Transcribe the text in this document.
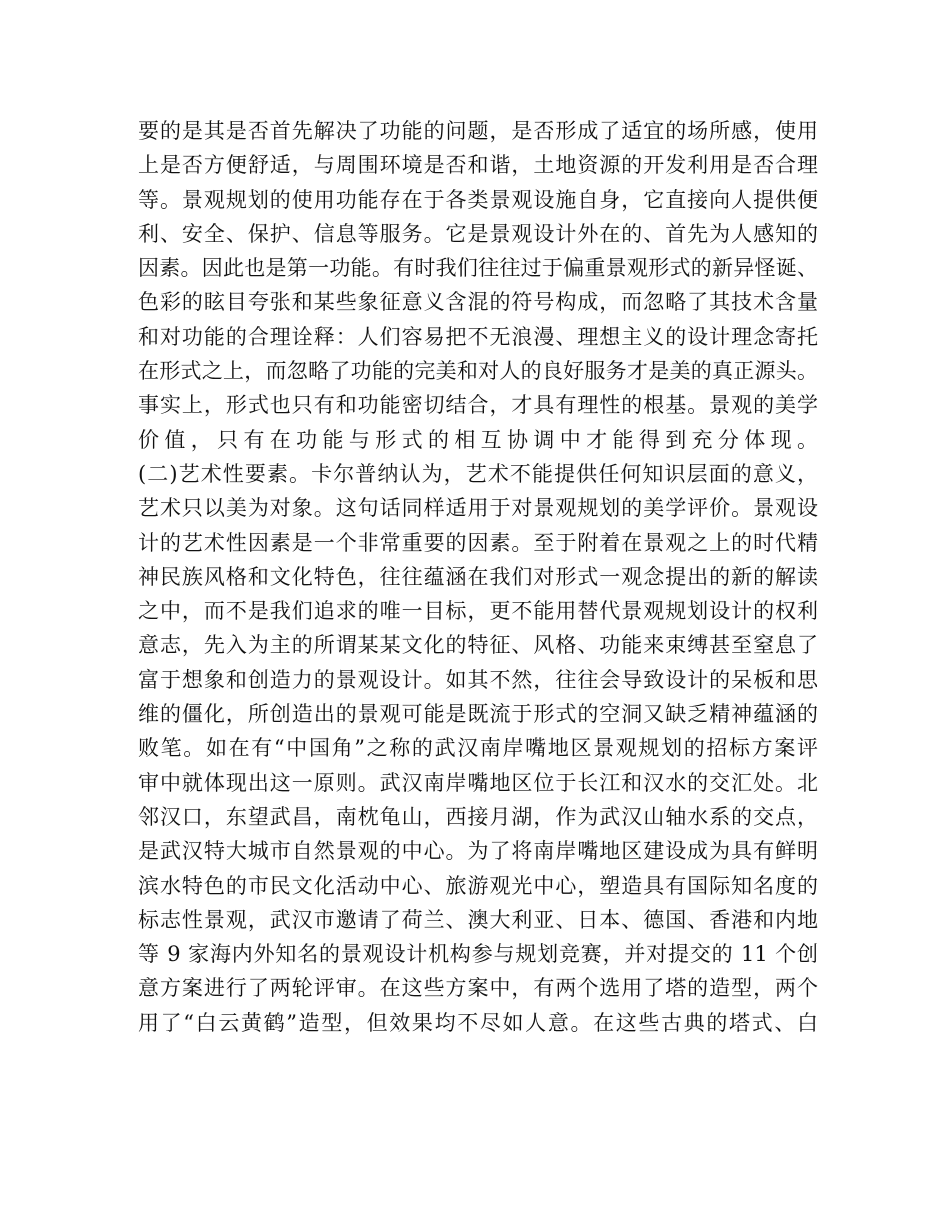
要的是其是否首先解决了功能的问题，是否形成了适宜的场所感，使用
上是否方便舒适，与周围环境是否和谐，土地资源的开发利用是否合理
等。景观规划的使用功能存在于各类景观设施自身，它直接向人提供便
利、安全、保护、信息等服务。它是景观设计外在的、首先为人感知的
因素。因此也是第一功能。有时我们往往过于偏重景观形式的新异怪诞、
色彩的眩目夸张和某些象征意义含混的符号构成，而忽略了其技术含量
和对功能的合理诠释：人们容易把不无浪漫、理想主义的设计理念寄托
在形式之上，而忽略了功能的完美和对人的良好服务才是美的真正源头。
事实上，形式也只有和功能密切结合，才具有理性的根基。景观的美学
价值，只有在功能与形式的相互协调中才能得到充分体现。
(二)艺术性要素。卡尔普纳认为，艺术不能提供任何知识层面的意义，
艺术只以美为对象。这句话同样适用于对景观规划的美学评价。景观设
计的艺术性因素是一个非常重要的因素。至于附着在景观之上的时代精
神民族风格和文化特色，往往蕴涵在我们对形式一观念提出的新的解读
之中，而不是我们追求的唯一目标，更不能用替代景观规划设计的权利
意志，先入为主的所谓某某文化的特征、风格、功能来束缚甚至窒息了
富于想象和创造力的景观设计。如其不然，往往会导致设计的呆板和思
维的僵化，所创造出的景观可能是既流于形式的空洞又缺乏精神蕴涵的
败笔。如在有“中国角”之称的武汉南岸嘴地区景观规划的招标方案评
审中就体现出这一原则。武汉南岸嘴地区位于长江和汉水的交汇处。北
邻汉口，东望武昌，南枕龟山，西接月湖，作为武汉山轴水系的交点，
是武汉特大城市自然景观的中心。为了将南岸嘴地区建设成为具有鲜明
滨水特色的市民文化活动中心、旅游观光中心，塑造具有国际知名度的
标志性景观，武汉市邀请了荷兰、澳大利亚、日本、德国、香港和内地
等 9 家海内外知名的景观设计机构参与规划竞赛，并对提交的 11 个创
意方案进行了两轮评审。在这些方案中，有两个选用了塔的造型，两个
用了“白云黄鹤”造型，但效果均不尽如人意。在这些古典的塔式、白
